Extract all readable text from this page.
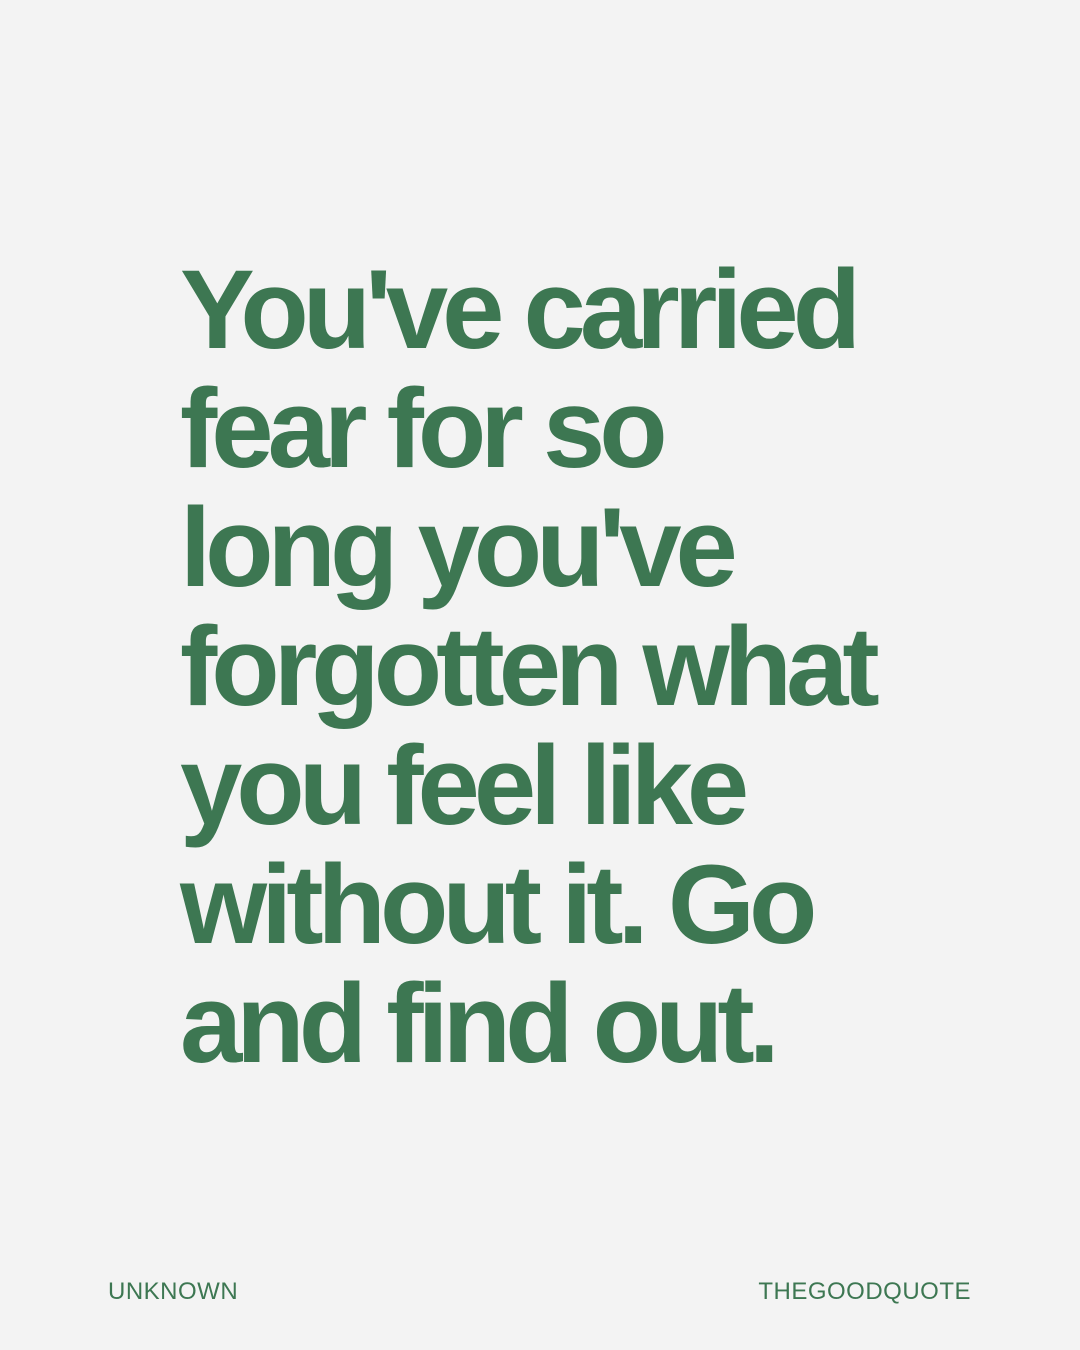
You've carried
fear for so
long you've
forgotten what
you feel like
without it. Go
and find out.
UNKNOWN	THEGOODQUOTE
